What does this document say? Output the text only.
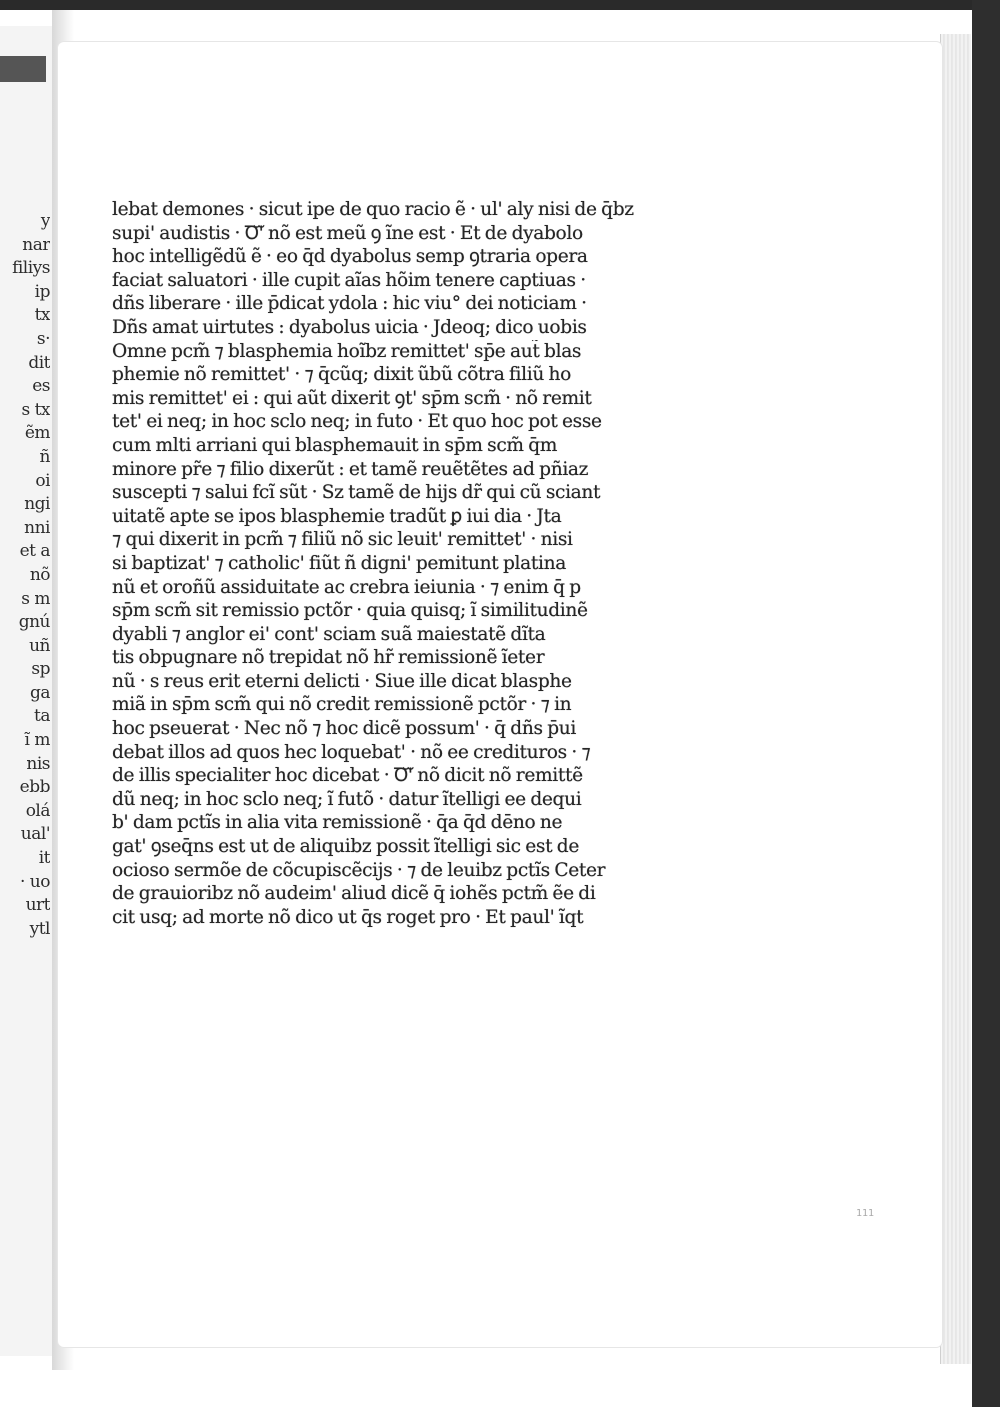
y
nar
filiys
ip
tx
s·
dit
es
s tx
ẽm
ñ
oi
ngi
nni
et a
nõ
s m
gnú
uñ
sp
ga
ta
ĩ m
nis
ebb
olá
ual'
it
· uo
urt
ytl
lebat demones · sicut ipe de quo racio ẽ · ul' aly nisi de q̄bz
supi' audistis · Ꝺᷓ' nõ est meũ ꝯ ĩne est · Et de dyabolo
hoc intelligẽdũ ẽ · eo q̄d dyabolus semp ꝯtraria opera
faciat saluatori · ille cupit aĩas hõim tenere captiuas ·
dñs liberare · ille p̄dicat ydola : hic viu° dei noticiam ·
Dñs amat uirtutes : dyabolus uicia · Jdeoq; dico uobis
Omne pcm̃ ⁊ blasphemia hoĩbz remittet' sp̄e aut̃ blas
phemie nõ remittet' · ⁊ q̄cũq; dixit ũbũ cõtra filiũ ho
mis remittet' ei : qui aũt dixerit ꝯt' sp̄m scm̃ · nõ remit
tet' ei neq; in hoc sclo neq; in futo · Et quo hoc pot esse
cum mlti arriani qui blasphemauit in sp̄m scm̃ q̄m
minore pr̃e ⁊ filio dixerũt : et tamẽ reuẽtẽtes ad pñiaz
suscepti ⁊ salui fcĩ sũt · Sz tamẽ de hijs dr̃ qui cũ sciant
uitatẽ apte se ipos blasphemie tradũt ꝑ iui dia · Jta
⁊ qui dixerit in pcm̃ ⁊ filiũ nõ sic leuit' remittet' · nisi
si baptizat' ⁊ catholic' fiũt ñ digni' pemitunt platina
nũ et oroñũ assiduitate ac crebra ieiunia · ⁊ enim q̄ p
sp̄m scm̃ sit remissio pctõr · quia quisq; ĩ similitudinẽ
dyabli ⁊ anglor ei' cont' sciam suã maiestatẽ dĩta
tis obpugnare nõ trepidat nõ hr̃ remissionẽ ĩeter
nũ · s reus erit eterni delicti · Siue ille dicat blasphe
miã in sp̄m scm̃ qui nõ credit remissionẽ pctõr · ⁊ in
hoc pseuerat · Nec nõ ⁊ hoc dicẽ possum' · q̄ dñs p̄ui
debat illos ad quos hec loquebat' · nõ ee credituros · ⁊
de illis specialiter hoc dicebat · Ꝺᷓ' nõ dicit nõ remittẽ
dũ neq; in hoc sclo neq; ĩ futõ · datur ĩtelligi ee dequi
b' dam pctĩs in alia vita remissionẽ · q̄a q̄d dēno ne
gat' ꝯseq̄ns est ut de aliquibz possit ĩtelligi sic est de
ocioso sermõe de cõcupiscẽcijs · ⁊ de leuibz pctĩs Ceter
de grauioribz nõ audeim' aliud dicẽ q̄ iohẽs pctm̃ ẽe di
cit usq; ad morte nõ dico ut q̄s roget pro · Et paul' ĩqt
111
